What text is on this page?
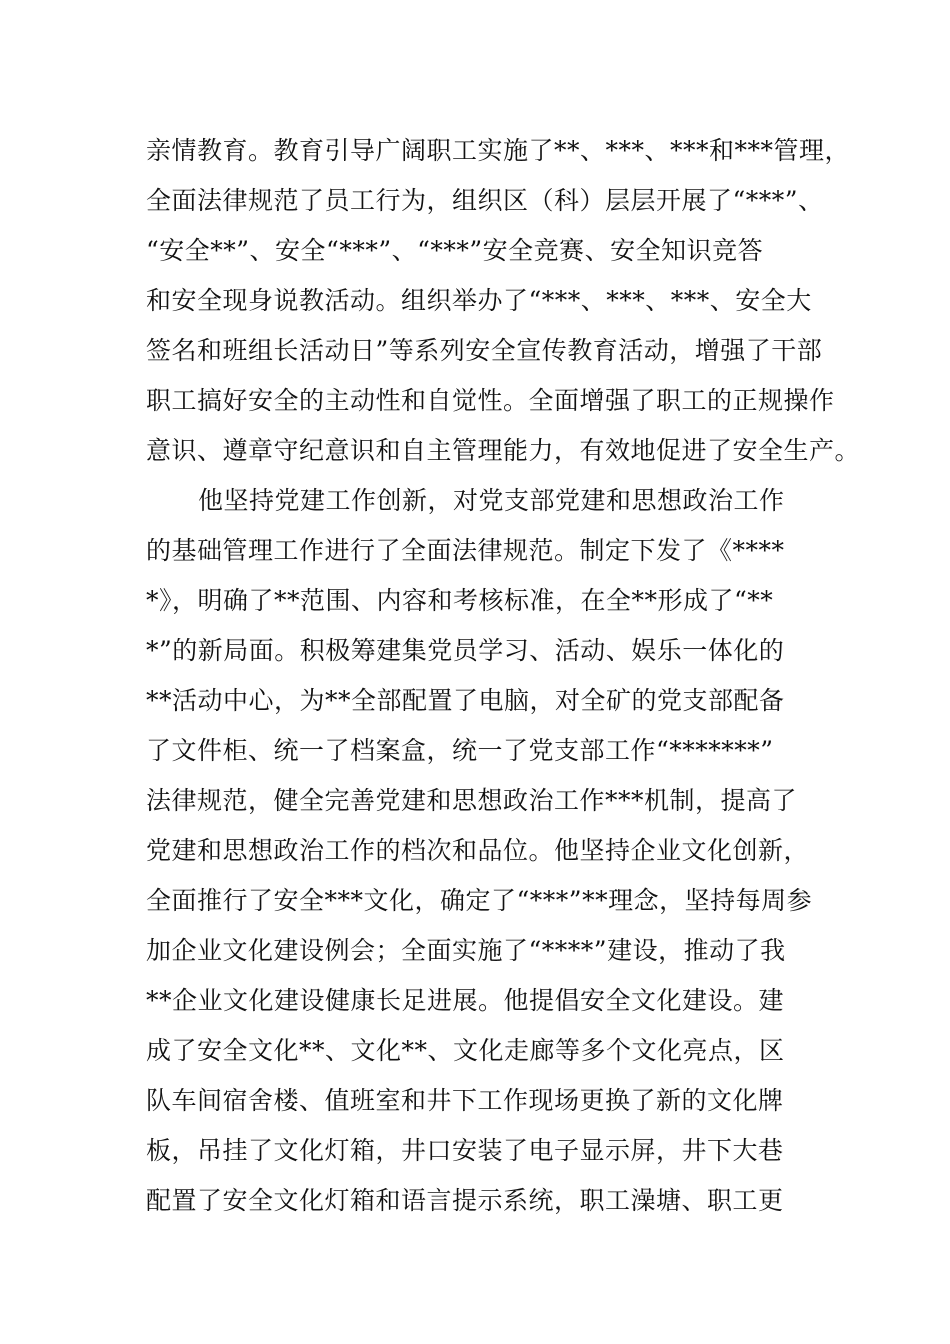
亲情教育。教育引导广阔职工实施了**、***、***和***管理，
全面法律规范了员工行为，组织区（科）层层开展了“***”、
“安全**”、安全“***”、“***”安全竞赛、安全知识竞答
和安全现身说教活动。组织举办了“***、***、***、安全大
签名和班组长活动日”等系列安全宣传教育活动，增强了干部
职工搞好安全的主动性和自觉性。全面增强了职工的正规操作
意识、遵章守纪意识和自主管理能力，有效地促进了安全生产。
他坚持党建工作创新，对党支部党建和思想政治工作
的基础管理工作进行了全面法律规范。制定下发了《****
*》，明确了**范围、内容和考核标准，在全**形成了“**
*”的新局面。积极筹建集党员学习、活动、娱乐一体化的
**活动中心，为**全部配置了电脑，对全矿的党支部配备
了文件柜、统一了档案盒，统一了党支部工作“*******”
法律规范，健全完善党建和思想政治工作***机制，提高了
党建和思想政治工作的档次和品位。他坚持企业文化创新，
全面推行了安全***文化，确定了“***”**理念，坚持每周参
加企业文化建设例会；全面实施了“****”建设，推动了我
**企业文化建设健康长足进展。他提倡安全文化建设。建
成了安全文化**、文化**、文化走廊等多个文化亮点，区
队车间宿舍楼、值班室和井下工作现场更换了新的文化牌
板，吊挂了文化灯箱，井口安装了电子显示屏，井下大巷
配置了安全文化灯箱和语言提示系统，职工澡塘、职工更
